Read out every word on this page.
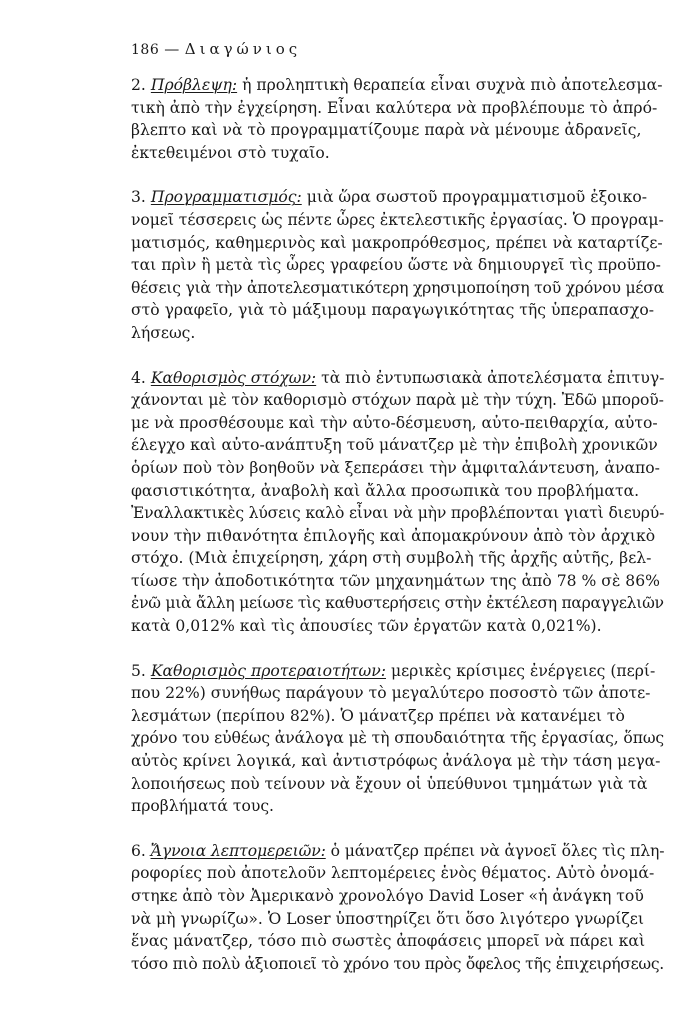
186 — Διαγώνιος
2. Πρόβλεψη: ἡ προληπτικὴ θεραπεία εἶναι συχνὰ πιὸ ἀποτελεσμα-
τικὴ ἀπὸ τὴν ἐγχείρηση. Εἶναι καλύτερα νὰ προβλέπουμε τὸ ἀπρό-
βλεπτο καὶ νὰ τὸ προγραμματίζουμε παρὰ νὰ μένουμε ἀδρανεῖς,
ἐκτεθειμένοι στὸ τυχαῖο.
3. Προγραμματισμός: μιὰ ὥρα σωστοῦ προγραμματισμοῦ ἐξοικο-
νομεῖ τέσσερεις ὡς πέντε ὧρες ἐκτελεστικῆς ἐργασίας. Ὁ προγραμ-
ματισμός, καθημερινὸς καὶ μακροπρόθεσμος, πρέπει νὰ καταρτίζε-
ται πρὶν ἢ μετὰ τὶς ὧρες γραφείου ὥστε νὰ δημιουργεῖ τὶς προϋπο-
θέσεις γιὰ τὴν ἀποτελεσματικότερη χρησιμοποίηση τοῦ χρόνου μέσα
στὸ γραφεῖο, γιὰ τὸ μάξιμουμ παραγωγικότητας τῆς ὑπεραπασχο-
λήσεως.
4. Καθορισμὸς στόχων: τὰ πιὸ ἐντυπωσιακὰ ἀποτελέσματα ἐπιτυγ-
χάνονται μὲ τὸν καθορισμὸ στόχων παρὰ μὲ τὴν τύχη. Ἐδῶ μποροῦ-
με νὰ προσθέσουμε καὶ τὴν αὐτο-δέσμευση, αὐτο-πειθαρχία, αὐτο-
έλεγχο καὶ αὐτο-ανάπτυξη τοῦ μάνατζερ μὲ τὴν ἐπιβολὴ χρονικῶν
ὁρίων ποὺ τὸν βοηθοῦν νὰ ξεπεράσει τὴν ἀμφιταλάντευση, ἀναπο-
φασιστικότητα, ἀναβολὴ καὶ ἄλλα προσωπικὰ του προβλήματα.
Ἐναλλακτικὲς λύσεις καλὸ εἶναι νὰ μὴν προβλέπονται γιατὶ διευρύ-
νουν τὴν πιθανότητα ἐπιλογῆς καὶ ἀπομακρύνουν ἀπὸ τὸν ἀρχικὸ
στόχο. (Μιὰ ἐπιχείρηση, χάρη στὴ συμβολὴ τῆς ἀρχῆς αὐτῆς, βελ-
τίωσε τὴν ἀποδοτικότητα τῶν μηχανημάτων της ἀπὸ 78 % σὲ 86%
ἐνῶ μιὰ ἄλλη μείωσε τὶς καθυστερήσεις στὴν ἐκτέλεση παραγγελιῶν
κατὰ 0,012% καὶ τὶς ἀπουσίες τῶν ἐργατῶν κατὰ 0,021%).
5. Καθορισμὸς προτεραιοτήτων: μερικὲς κρίσιμες ἐνέργειες (περί-
που 22%) συνήθως παράγουν τὸ μεγαλύτερο ποσοστὸ τῶν ἀποτε-
λεσμάτων (περίπου 82%). Ὁ μάνατζερ πρέπει νὰ κατανέμει τὸ
χρόνο του εὐθέως ἀνάλογα μὲ τὴ σπουδαιότητα τῆς ἐργασίας, ὅπως
αὐτὸς κρίνει λογικά, καὶ ἀντιστρόφως ἀνάλογα μὲ τὴν τάση μεγα-
λοποιήσεως ποὺ τείνουν νὰ ἔχουν οἱ ὑπεύθυνοι τμημάτων γιὰ τὰ
προβλήματά τους.
6. Ἄγνοια λεπτομερειῶν: ὁ μάνατζερ πρέπει νὰ ἀγνοεῖ ὅλες τὶς πλη-
ροφορίες ποὺ ἀποτελοῦν λεπτομέρειες ἑνὸς θέματος. Αὐτὸ ὀνομά-
στηκε ἀπὸ τὸν Ἀμερικανὸ χρονολόγο David Loser «ἡ ἀνάγκη τοῦ
νὰ μὴ γνωρίζω». Ὁ Loser ὑποστηρίζει ὅτι ὅσο λιγότερο γνωρίζει
ἕνας μάνατζερ, τόσο πιὸ σωστὲς ἀποφάσεις μπορεῖ νὰ πάρει καὶ
τόσο πιὸ πολὺ ἀξιοποιεῖ τὸ χρόνο του πρὸς ὄφελος τῆς ἐπιχειρήσεως.
